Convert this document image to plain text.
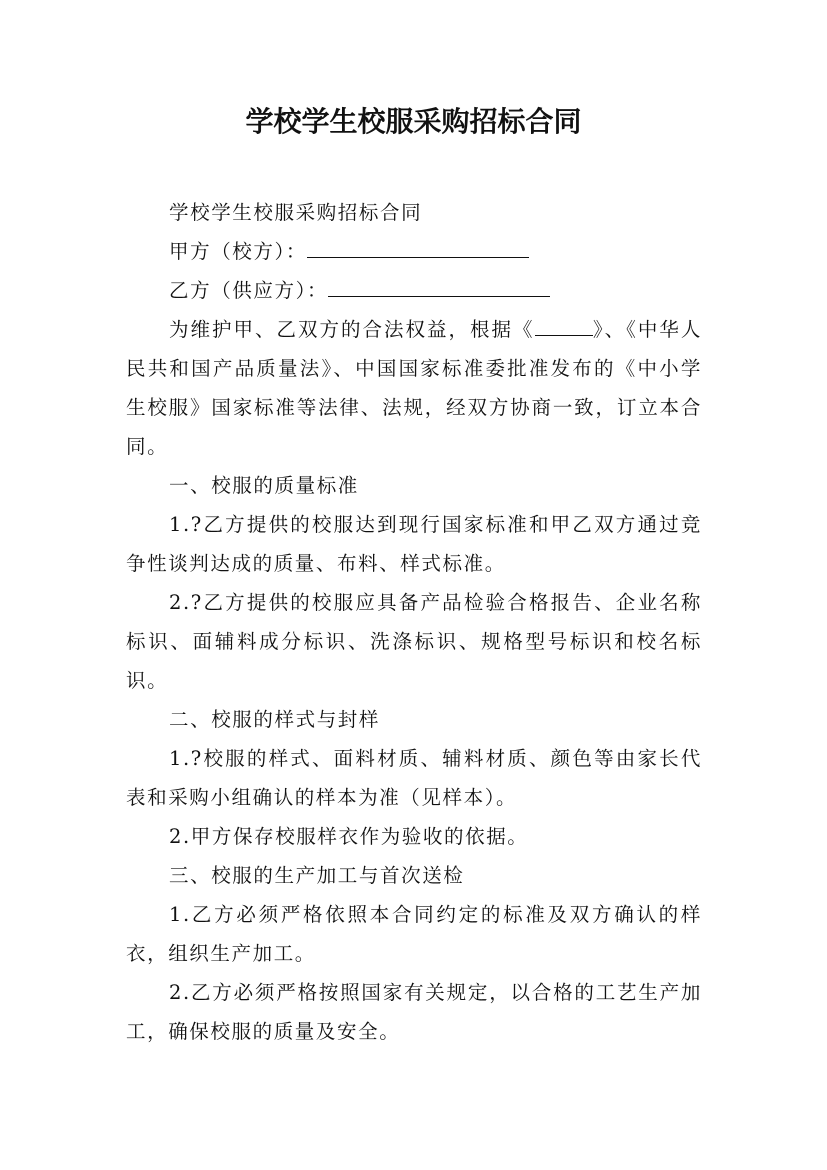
学校学生校服采购招标合同

学校学生校服采购招标合同

甲方（校方）：

乙方（供应方）：

为维护甲、乙双方的合法权益，根据《	》、《中华人民共和国产品质量法》、中国国家标准委批准发布的《中小学生校服》国家标准等法律、法规，经双方协商一致，订立本合同。

一、校服的质量标准

1.?乙方提供的校服达到现行国家标准和甲乙双方通过竞争性谈判达成的质量、布料、样式标准。

2.?乙方提供的校服应具备产品检验合格报告、企业名称标识、面辅料成分标识、洗涤标识、规格型号标识和校名标识。

二、校服的样式与封样

1.?校服的样式、面料材质、辅料材质、颜色等由家长代表和采购小组确认的样本为准（见样本）。

2.甲方保存校服样衣作为验收的依据。

三、校服的生产加工与首次送检

1.乙方必须严格依照本合同约定的标准及双方确认的样衣，组织生产加工。

2.乙方必须严格按照国家有关规定，以合格的工艺生产加工，确保校服的质量及安全。
